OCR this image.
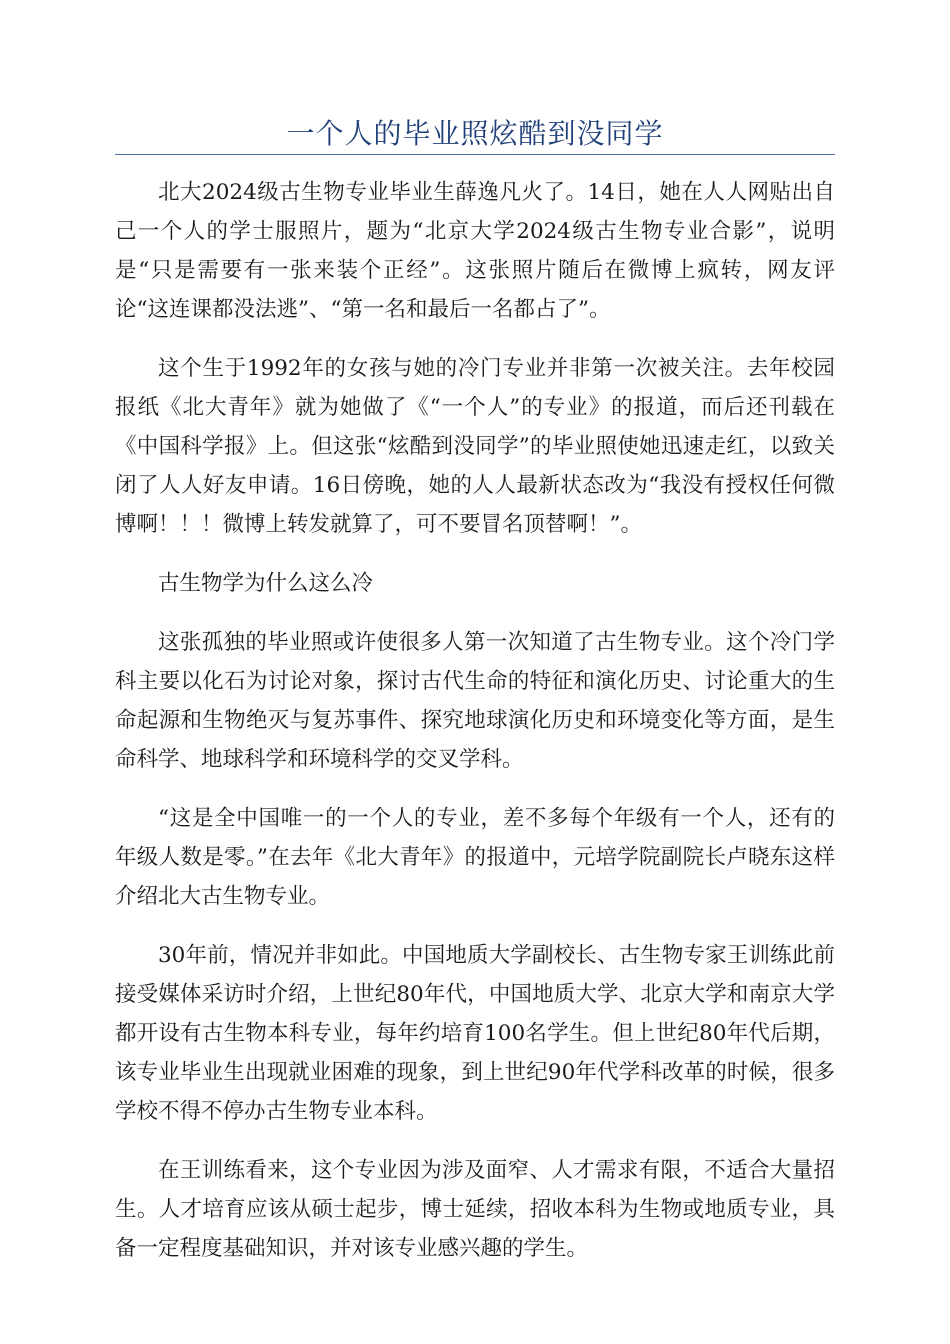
一个人的毕业照炫酷到没同学

北大2024级古生物专业毕业生薛逸凡火了。14日，她在人人网贴出自己一个人的学士服照片，题为“北京大学2024级古生物专业合影”，说明是“只是需要有一张来装个正经”。这张照片随后在微博上疯转，网友评论“这连课都没法逃”、“第一名和最后一名都占了”。

这个生于1992年的女孩与她的冷门专业并非第一次被关注。去年校园报纸《北大青年》就为她做了《“一个人”的专业》的报道，而后还刊载在《中国科学报》上。但这张“炫酷到没同学”的毕业照使她迅速走红，以致关闭了人人好友申请。16日傍晚，她的人人最新状态改为“我没有授权任何微博啊！！！微博上转发就算了，可不要冒名顶替啊！”。

古生物学为什么这么冷

这张孤独的毕业照或许使很多人第一次知道了古生物专业。这个冷门学科主要以化石为讨论对象，探讨古代生命的特征和演化历史、讨论重大的生命起源和生物绝灭与复苏事件、探究地球演化历史和环境变化等方面，是生命科学、地球科学和环境科学的交叉学科。

“这是全中国唯一的一个人的专业，差不多每个年级有一个人，还有的年级人数是零。”在去年《北大青年》的报道中，元培学院副院长卢晓东这样介绍北大古生物专业。

30年前，情况并非如此。中国地质大学副校长、古生物专家王训练此前接受媒体采访时介绍，上世纪80年代，中国地质大学、北京大学和南京大学都开设有古生物本科专业，每年约培育100名学生。但上世纪80年代后期，该专业毕业生出现就业困难的现象，到上世纪90年代学科改革的时候，很多学校不得不停办古生物专业本科。

在王训练看来，这个专业因为涉及面窄、人才需求有限，不适合大量招生。人才培育应该从硕士起步，博士延续，招收本科为生物或地质专业，具备一定程度基础知识，并对该专业感兴趣的学生。
